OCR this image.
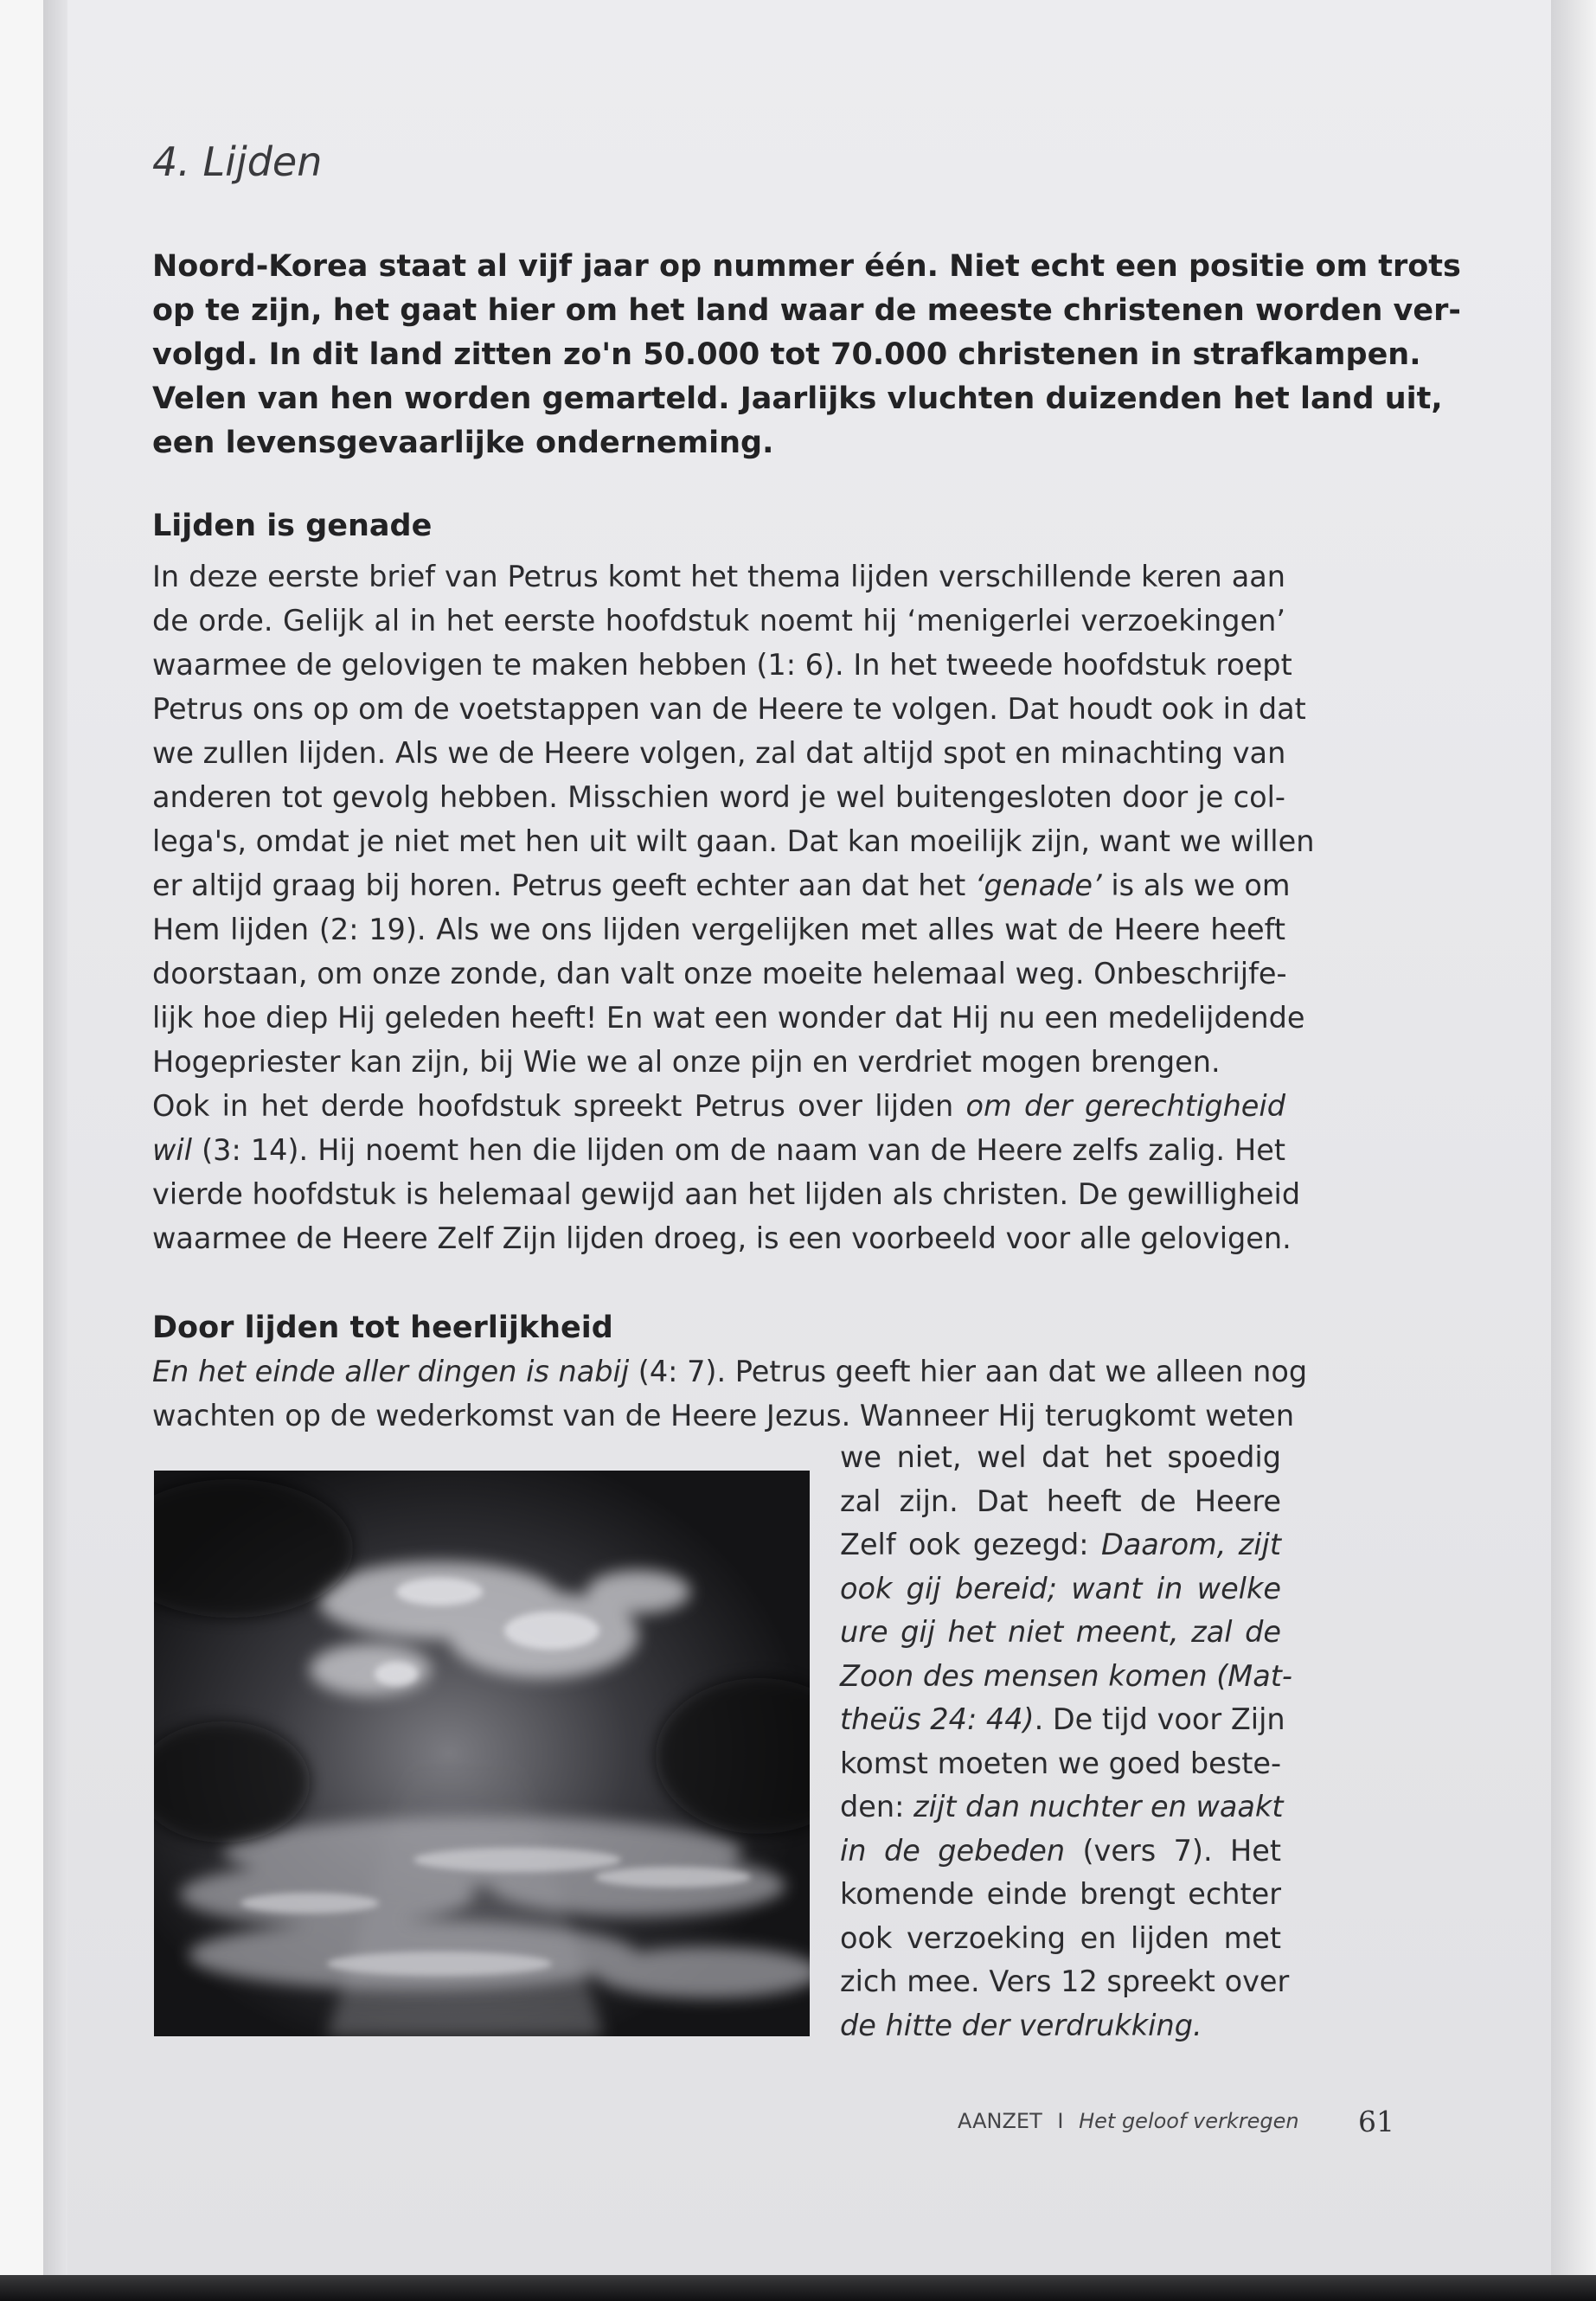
4. Lijden
Noord-Korea staat al vijf jaar op nummer één. Niet echt een positie om trots
op te zijn, het gaat hier om het land waar de meeste christenen worden ver-
volgd. In dit land zitten zo'n 50.000 tot 70.000 christenen in strafkampen.
Velen van hen worden gemarteld. Jaarlijks vluchten duizenden het land uit,
een levensgevaarlijke onderneming.
Lijden is genade
In deze eerste brief van Petrus komt het thema lijden verschillende keren aan
de orde. Gelijk al in het eerste hoofdstuk noemt hij ‘menigerlei verzoekingen’
waarmee de gelovigen te maken hebben (1: 6). In het tweede hoofdstuk roept
Petrus ons op om de voetstappen van de Heere te volgen. Dat houdt ook in dat
we zullen lijden. Als we de Heere volgen, zal dat altijd spot en minachting van
anderen tot gevolg hebben. Misschien word je wel buitengesloten door je col-
lega's, omdat je niet met hen uit wilt gaan. Dat kan moeilijk zijn, want we willen
er altijd graag bij horen. Petrus geeft echter aan dat het ‘genade’ is als we om
Hem lijden (2: 19). Als we ons lijden vergelijken met alles wat de Heere heeft
doorstaan, om onze zonde, dan valt onze moeite helemaal weg. Onbeschrijfe-
lijk hoe diep Hij geleden heeft! En wat een wonder dat Hij nu een medelijdende
Hogepriester kan zijn, bij Wie we al onze pijn en verdriet mogen brengen.
Ook in het derde hoofdstuk spreekt Petrus over lijden om der gerechtigheid
wil (3: 14). Hij noemt hen die lijden om de naam van de Heere zelfs zalig. Het
vierde hoofdstuk is helemaal gewijd aan het lijden als christen. De gewilligheid
waarmee de Heere Zelf Zijn lijden droeg, is een voorbeeld voor alle gelovigen.
Door lijden tot heerlijkheid
En het einde aller dingen is nabij (4: 7). Petrus geeft hier aan dat we alleen nog
wachten op de wederkomst van de Heere Jezus. Wanneer Hij terugkomt weten
we niet, wel dat het spoedig
zal zijn. Dat heeft de Heere
Zelf ook gezegd: Daarom, zijt
ook gij bereid; want in welke
ure gij het niet meent, zal de
Zoon des mensen komen (Mat-
theüs 24: 44). De tijd voor Zijn
komst moeten we goed beste-
den: zijt dan nuchter en waakt
in de gebeden (vers 7). Het
komende einde brengt echter
ook verzoeking en lijden met
zich mee. Vers 12 spreekt over
de hitte der verdrukking.
AANZET I Het geloof verkregen 61
